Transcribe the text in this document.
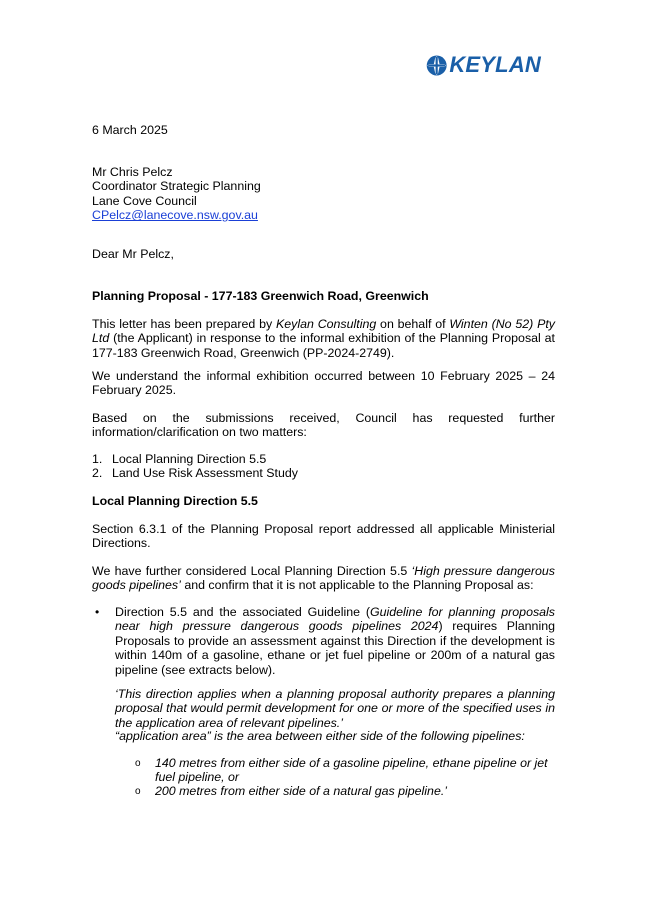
KEYLAN

6 March 2025

Mr Chris Pelcz

Coordinator Strategic Planning

Lane Cove Council

CPelcz@lanecove.nsw.gov.au

Dear Mr Pelcz,

Planning Proposal - 177-183 Greenwich Road, Greenwich

This letter has been prepared by Keylan Consulting on behalf of Winten (No 52) Pty Ltd (the Applicant) in response to the informal exhibition of the Planning Proposal at 177-183 Greenwich Road, Greenwich (PP-2024-2749).

We understand the informal exhibition occurred between 10 February 2025 – 24 February 2025.

Based on the submissions received, Council has requested further information/clarification on two matters:

1. Local Planning Direction 5.5
2. Land Use Risk Assessment Study

Local Planning Direction 5.5

Section 6.3.1 of the Planning Proposal report addressed all applicable Ministerial Directions.

We have further considered Local Planning Direction 5.5 ‘High pressure dangerous goods pipelines’ and confirm that it is not applicable to the Planning Proposal as:

• Direction 5.5 and the associated Guideline (Guideline for planning proposals near high pressure dangerous goods pipelines 2024) requires Planning Proposals to provide an assessment against this Direction if the development is within 140m of a gasoline, ethane or jet fuel pipeline or 200m of a natural gas pipeline (see extracts below).

‘This direction applies when a planning proposal authority prepares a planning proposal that would permit development for one or more of the specified uses in the application area of relevant pipelines.’

“application area” is the area between either side of the following pipelines:

o 140 metres from either side of a gasoline pipeline, ethane pipeline or jet fuel pipeline, or

o 200 metres from either side of a natural gas pipeline.’
